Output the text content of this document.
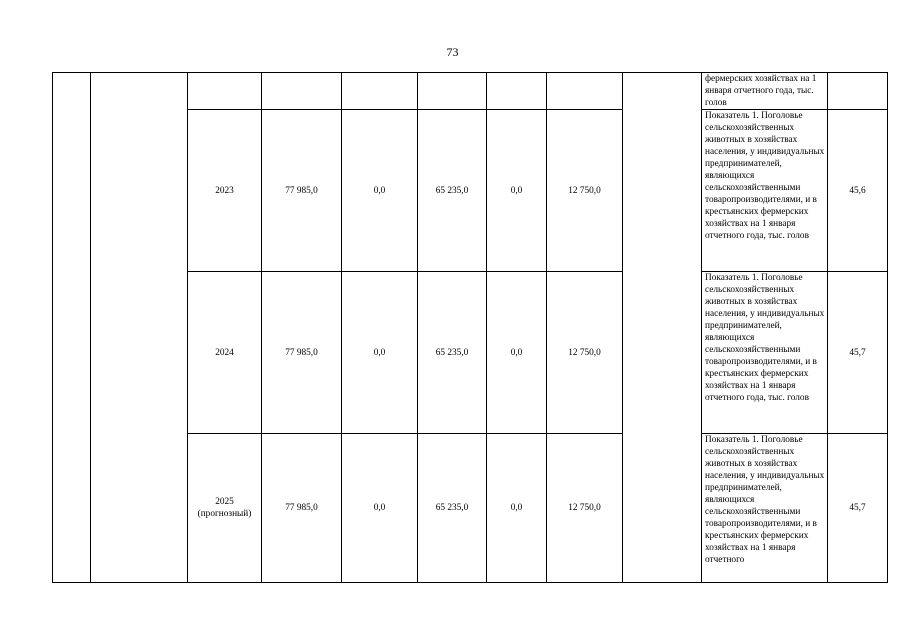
73

									фермерских хозяйствах на 1 января отчетного года, тыс. голов	

		2023	77 985,0	0,0	65 235,0	0,0	12 750,0		Показатель 1. Поголовье сельскохозяйственных животных в хозяйствах населения, у индивидуальных предпринимателей, являющихся сельскохозяйственными товаропроизводителями, и в крестьянских фермерских хозяйствах на 1 января отчетного года, тыс. голов	45,6
		2024	77 985,0	0,0	65 235,0	0,0	12 750,0		Показатель 1. Поголовье сельскохозяйственных животных в хозяйствах населения, у индивидуальных предпринимателей, являющихся сельскохозяйственными товаропроизводителями, и в крестьянских фермерских хозяйствах на 1 января отчетного года, тыс. голов	45,7
		2025 (прогнозный)	77 985,0	0,0	65 235,0	0,0	12 750,0		Показатель 1. Поголовье сельскохозяйственных животных в хозяйствах населения, у индивидуальных предпринимателей, являющихся сельскохозяйственными товаропроизводителями, и в крестьянских фермерских хозяйствах на 1 января отчетного	45,7
